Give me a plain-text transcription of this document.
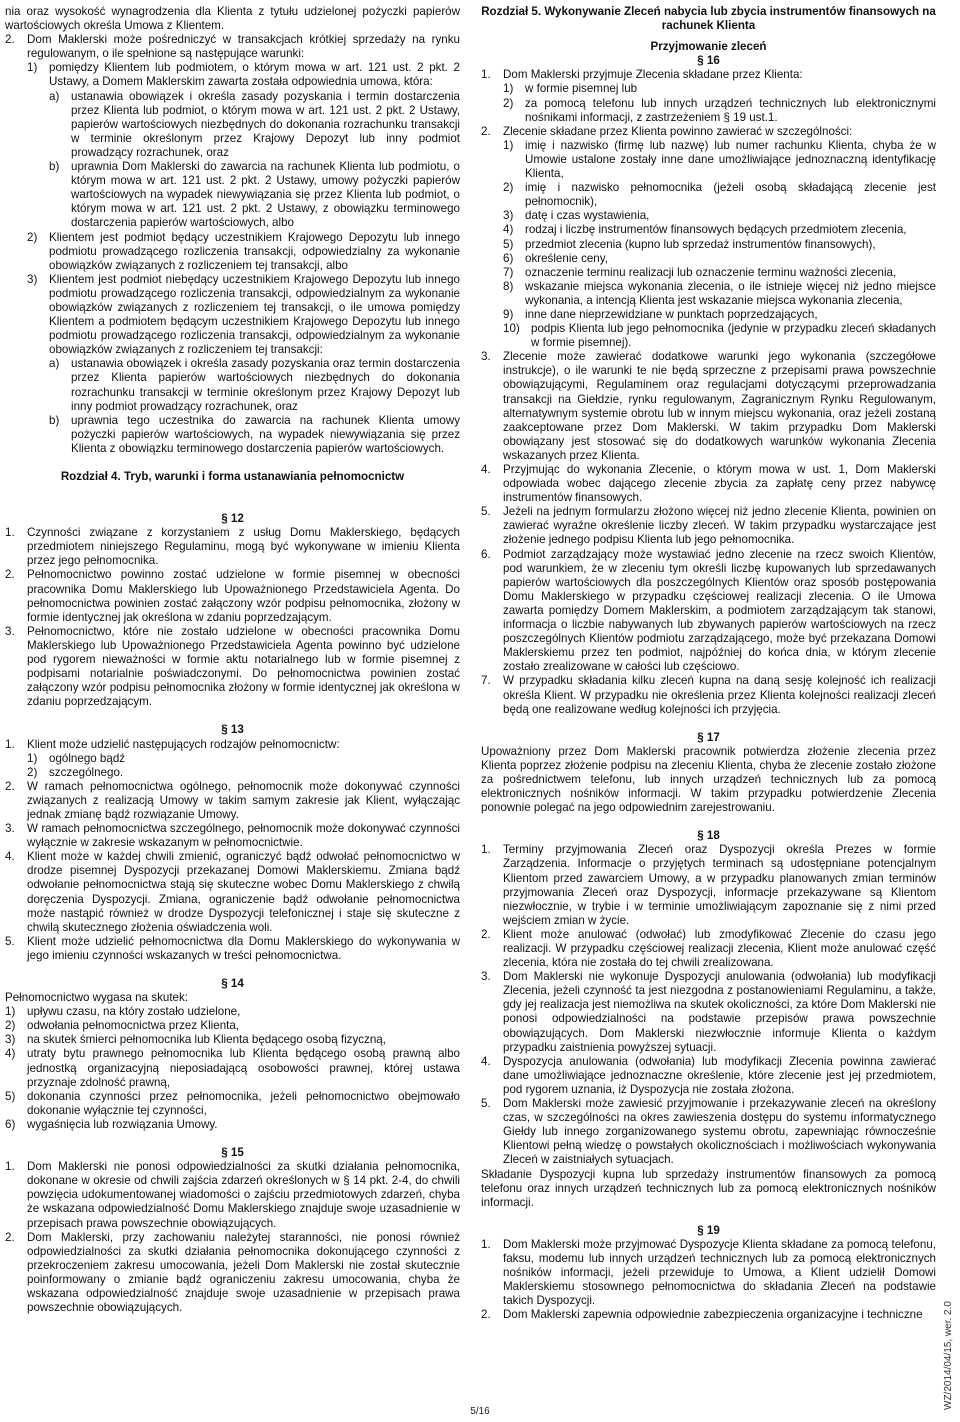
nia oraz wysokość wynagrodzenia dla Klienta z tytułu udzielonej pożyczki papierów wartościowych określa Umowa z Klientem.
2.	Dom Maklerski może pośredniczyć w transakcjach krótkiej sprzedaży na rynku regulowanym, o ile spełnione są następujące warunki:
1)	pomiędzy Klientem lub podmiotem, o którym mowa w art. 121 ust. 2 pkt. 2 Ustawy, a Domem Maklerskim zawarta została odpowiednia umowa, która:
a)	ustanawia obowiązek i określa zasady pozyskania i termin dostarczenia przez Klienta lub podmiot, o którym mowa w art. 121 ust. 2 pkt. 2 Ustawy, papierów wartościowych niezbędnych do dokonania rozrachunku transakcji w terminie określonym przez Krajowy Depozyt lub inny podmiot prowadzący rozrachunek, oraz
b)	uprawnia Dom Maklerski do zawarcia na rachunek Klienta lub podmiotu, o którym mowa w art. 121 ust. 2 pkt. 2 Ustawy, umowy pożyczki papierów wartościowych na wypadek niewywiązania się przez Klienta lub podmiot, o którym mowa w art. 121 ust. 2 pkt. 2 Ustawy, z obowiązku terminowego dostarczenia papierów wartościowych, albo
2)	Klientem jest podmiot będący uczestnikiem Krajowego Depozytu lub innego podmiotu prowadzącego rozliczenia transakcji, odpowiedzialny za wykonanie obowiązków związanych z rozliczeniem tej transakcji, albo
3)	Klientem jest podmiot niebędący uczestnikiem Krajowego Depozytu lub innego podmiotu prowadzącego rozliczenia transakcji, odpowiedzialnym za wykonanie obowiązków związanych z rozliczeniem tej transakcji, o ile umowa pomiędzy Klientem a podmiotem będącym uczestnikiem Krajowego Depozytu lub innego podmiotu prowadzącego rozliczenia transakcji, odpowiedzialnym za wykonanie obowiązków związanych z rozliczeniem tej transakcji:
a)	ustanawia obowiązek i określa zasady pozyskania oraz termin dostarczenia przez Klienta papierów wartościowych niezbędnych do dokonania rozrachunku transakcji w terminie określonym przez Krajowy Depozyt lub inny podmiot prowadzący rozrachunek, oraz
b)	uprawnia tego uczestnika do zawarcia na rachunek Klienta umowy pożyczki papierów wartościowych, na wypadek niewywiązania się przez Klienta z obowiązku terminowego dostarczenia papierów wartościowych.
Rozdział 4. Tryb, warunki i forma ustanawiania pełnomocnictw
§ 12
1.	Czynności związane z korzystaniem z usług Domu Maklerskiego, będących przedmiotem niniejszego Regulaminu, mogą być wykonywane w imieniu Klienta przez jego pełnomocnika.
2.	Pełnomocnictwo powinno zostać udzielone w formie pisemnej w obecności pracownika Domu Maklerskiego lub Upoważnionego Przedstawiciela Agenta. Do pełnomocnictwa powinien zostać załączony wzór podpisu pełnomocnika, złożony w formie identycznej jak określona w zdaniu poprzedzającym.
3.	Pełnomocnictwo, które nie zostało udzielone w obecności pracownika Domu Maklerskiego lub Upoważnionego Przedstawiciela Agenta powinno być udzielone pod rygorem nieważności w formie aktu notarialnego lub w formie pisemnej z podpisami notarialnie poświadczonymi. Do pełnomocnictwa powinien zostać załączony wzór podpisu pełnomocnika złożony w formie identycznej jak określona w zdaniu poprzedzającym.
§ 13
1.	Klient może udzielić następujących rodzajów pełnomocnictw:
1)	ogólnego bądź
2)	szczególnego.
2.	W ramach pełnomocnictwa ogólnego, pełnomocnik może dokonywać czynności związanych z realizacją Umowy w takim samym zakresie jak Klient, wyłączając jednak zmianę bądź rozwiązanie Umowy.
3.	W ramach pełnomocnictwa szczególnego, pełnomocnik może dokonywać czynności wyłącznie w zakresie wskazanym w pełnomocnictwie.
4.	Klient może w każdej chwili zmienić, ograniczyć bądź odwołać pełnomocnictwo w drodze pisemnej Dyspozycji przekazanej Domowi Maklerskiemu. Zmiana bądź odwołanie pełnomocnictwa stają się skuteczne wobec Domu Maklerskiego z chwilą doręczenia Dyspozycji. Zmiana, ograniczenie bądź odwołanie pełnomocnictwa może nastąpić również w drodze Dyspozycji telefonicznej i staje się skuteczne z chwilą skutecznego złożenia oświadczenia woli.
5.	Klient może udzielić pełnomocnictwa dla Domu Maklerskiego do wykonywania w jego imieniu czynności wskazanych w treści pełnomocnictwa.
§ 14
Pełnomocnictwo wygasa na skutek:
1)	upływu czasu, na który zostało udzielone,
2)	odwołania pełnomocnictwa przez Klienta,
3)	na skutek śmierci pełnomocnika lub Klienta będącego osobą fizyczną,
4)	utraty bytu prawnego pełnomocnika lub Klienta będącego osobą prawną albo jednostką organizacyjną nieposiadającą osobowości prawnej, której ustawa przyznaje zdolność prawną,
5)	dokonania czynności przez pełnomocnika, jeżeli pełnomocnictwo obejmowało dokonanie wyłącznie tej czynności,
6)	wygaśnięcia lub rozwiązania Umowy.
§ 15
1.	Dom Maklerski nie ponosi odpowiedzialności za skutki działania pełnomocnika, dokonane w okresie od chwili zajścia zdarzeń określonych w § 14 pkt. 2-4, do chwili powzięcia udokumentowanej wiadomości o zajściu przedmiotowych zdarzeń, chyba że wskazana odpowiedzialność Domu Maklerskiego znajduje swoje uzasadnienie w przepisach prawa powszechnie obowiązujących.
2.	Dom Maklerski, przy zachowaniu należytej staranności, nie ponosi również odpowiedzialności za skutki działania pełnomocnika dokonującego czynności z przekroczeniem zakresu umocowania, jeżeli Dom Maklerski nie został skutecznie poinformowany o zmianie bądź ograniczeniu zakresu umocowania, chyba że wskazana odpowiedzialność znajduje swoje uzasadnienie w przepisach prawa powszechnie obowiązujących.
Rozdział 5. Wykonywanie Zleceń nabycia lub zbycia instrumentów finansowych na rachunek Klienta
Przyjmowanie zleceń
§ 16
1.	Dom Maklerski przyjmuje Zlecenia składane przez Klienta:
1)	w formie pisemnej lub
2)	za pomocą telefonu lub innych urządzeń technicznych lub elektronicznymi nośnikami informacji, z zastrzeżeniem § 19 ust.1.
2.	Zlecenie składane przez Klienta powinno zawierać w szczególności:
1)	imię i nazwisko (firmę lub nazwę) lub numer rachunku Klienta, chyba że w Umowie ustalone zostały inne dane umożliwiające jednoznaczną identyfikację Klienta,
2)	imię i nazwisko pełnomocnika (jeżeli osobą składającą zlecenie jest pełnomocnik),
3)	datę i czas wystawienia,
4)	rodzaj i liczbę instrumentów finansowych będących przedmiotem zlecenia,
5)	przedmiot zlecenia (kupno lub sprzedaż instrumentów finansowych),
6)	określenie ceny,
7)	oznaczenie terminu realizacji lub oznaczenie terminu ważności zlecenia,
8)	wskazanie miejsca wykonania zlecenia, o ile istnieje więcej niż jedno miejsce wykonania, a intencją Klienta jest wskazanie miejsca wykonania zlecenia,
9)	inne dane nieprzewidziane w punktach poprzedzających,
10) podpis Klienta lub jego pełnomocnika (jedynie w przypadku zleceń składanych w formie pisemnej).
3.	Zlecenie może zawierać dodatkowe warunki jego wykonania (szczegółowe instrukcje), o ile warunki te nie będą sprzeczne z przepisami prawa powszechnie obowiązującymi, Regulaminem oraz regulacjami dotyczącymi przeprowadzania transakcji na Giełdzie, rynku regulowanym, Zagranicznym Rynku Regulowanym, alternatywnym systemie obrotu lub w innym miejscu wykonania, oraz jeżeli zostaną zaakceptowane przez Dom Maklerski. W takim przypadku Dom Maklerski obowiązany jest stosować się do dodatkowych warunków wykonania Zlecenia wskazanych przez Klienta.
4.	Przyjmując do wykonania Zlecenie, o którym mowa w ust. 1, Dom Maklerski odpowiada wobec dającego zlecenie zbycia za zapłatę ceny przez nabywcę instrumentów finansowych.
5.	Jeżeli na jednym formularzu złożono więcej niż jedno zlecenie Klienta, powinien on zawierać wyraźne określenie liczby zleceń. W takim przypadku wystarczające jest złożenie jednego podpisu Klienta lub jego pełnomocnika.
6.	Podmiot zarządzający może wystawiać jedno zlecenie na rzecz swoich Klientów, pod warunkiem, że w zleceniu tym określi liczbę kupowanych lub sprzedawanych papierów wartościowych dla poszczególnych Klientów oraz sposób postępowania Domu Maklerskiego w przypadku częściowej realizacji zlecenia. O ile Umowa zawarta pomiędzy Domem Maklerskim, a podmiotem zarządzającym tak stanowi, informacja o liczbie nabywanych lub zbywanych papierów wartościowych na rzecz poszczególnych Klientów podmiotu zarządzającego, może być przekazana Domowi Maklerskiemu przez ten podmiot, najpóźniej do końca dnia, w którym zlecenie zostało zrealizowane w całości lub częściowo.
7.	W przypadku składania kilku zleceń kupna na daną sesję kolejność ich realizacji określa Klient. W przypadku nie określenia przez Klienta kolejności realizacji zleceń będą one realizowane według kolejności ich przyjęcia.
§ 17
Upoważniony przez Dom Maklerski pracownik potwierdza złożenie zlecenia przez Klienta poprzez złożenie podpisu na zleceniu Klienta, chyba że zlecenie zostało złożone za pośrednictwem telefonu, lub innych urządzeń technicznych lub za pomocą elektronicznych nośników informacji. W takim przypadku potwierdzenie Zlecenia ponownie polegać na jego odpowiednim zarejestrowaniu.
§ 18
1.	Terminy przyjmowania Zleceń oraz Dyspozycji określa Prezes w formie Zarządzenia. Informacje o przyjętych terminach są udostępniane potencjalnym Klientom przed zawarciem Umowy, a w przypadku planowanych zmian terminów przyjmowania Zleceń oraz Dyspozycji, informacje przekazywane są Klientom niezwłocznie, w trybie i w terminie umożliwiającym zapoznanie się z nimi przed wejściem zmian w życie.
2.	Klient może anulować (odwołać) lub zmodyfikować Zlecenie do czasu jego realizacji. W przypadku częściowej realizacji zlecenia, Klient może anulować część zlecenia, która nie została do tej chwili zrealizowana.
3.	Dom Maklerski nie wykonuje Dyspozycji anulowania (odwołania) lub modyfikacji Zlecenia, jeżeli czynność ta jest niezgodna z postanowieniami Regulaminu, a także, gdy jej realizacja jest niemożliwa na skutek okoliczności, za które Dom Maklerski nie ponosi odpowiedzialności na podstawie przepisów prawa powszechnie obowiązujących. Dom Maklerski niezwłocznie informuje Klienta o każdym przypadku zaistnienia powyższej sytuacji.
4.	Dyspozycja anulowania (odwołania) lub modyfikacji Zlecenia powinna zawierać dane umożliwiające jednoznaczne określenie, które zlecenie jest jej przedmiotem, pod rygorem uznania, iż Dyspozycja nie została złożona.
5.	Dom Maklerski może zawiesić przyjmowanie i przekazywanie zleceń na określony czas, w szczególności na okres zawieszenia dostępu do systemu informatycznego Giełdy lub innego zorganizowanego systemu obrotu, zapewniając równocześnie Klientowi pełną wiedzę o powstałych okolicznościach i możliwościach wykonywania Zleceń w zaistniałych sytuacjach.
Składanie Dyspozycji kupna lub sprzedaży instrumentów finansowych za pomocą telefonu oraz innych urządzeń technicznych lub za pomocą elektronicznych nośników informacji.
§ 19
1.	Dom Maklerski może przyjmować Dyspozycje Klienta składane za pomocą telefonu, faksu, modemu lub innych urządzeń technicznych lub za pomocą elektronicznych nośników informacji, jeżeli przewiduje to Umowa, a Klient udzielił Domowi Maklerskiemu stosownego pełnomocnictwa do składania Zleceń na podstawie takich Dyspozycji.
2.	Dom Maklerski zapewnia odpowiednie zabezpieczenia organizacyjne i techniczne	WZ/2014/04/15, wer. 2.0
5/16
